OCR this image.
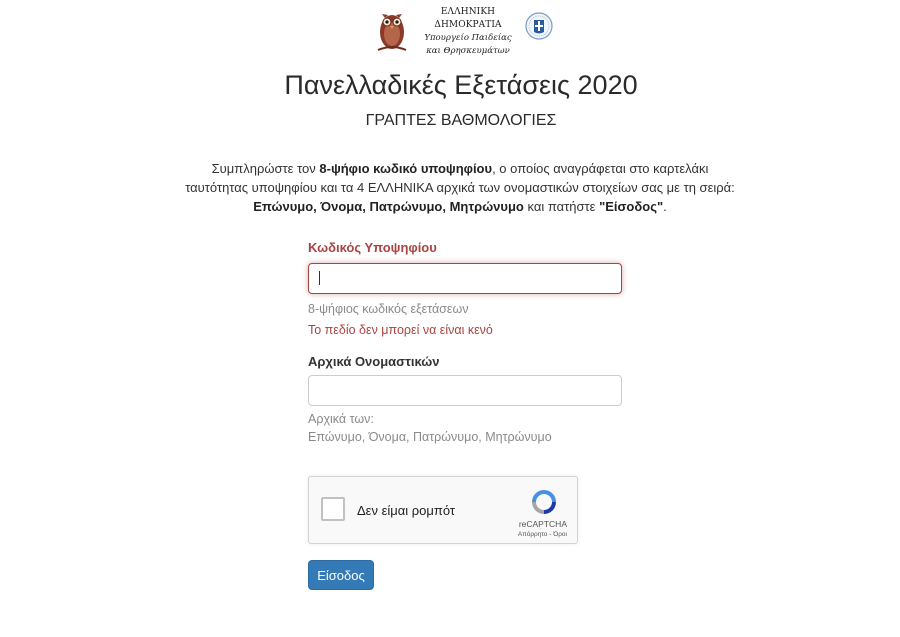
ΕΛΛΗΝΙΚΗ ΔΗΜΟΚΡΑΤΙΑ
Υπουργείο Παιδείας
και Θρησκευμάτων
Πανελλαδικές Εξετάσεις 2020
ΓΡΑΠΤΕΣ ΒΑΘΜΟΛΟΓΙΕΣ
Συμπληρώστε τον 8-ψήφιο κωδικό υποψηφίου, ο οποίος αναγράφεται στο καρτελάκι ταυτότητας υποψηφίου και τα 4 ΕΛΛΗΝΙΚΑ αρχικά των ονομαστικών στοιχείων σας με τη σειρά: Επώνυμο, Όνομα, Πατρώνυμο, Μητρώνυμο και πατήστε "Είσοδος".
Κωδικός Υποψηφίου
8-ψήφιος κωδικός εξετάσεων
Το πεδίο δεν μπορεί να είναι κενό
Αρχικά Ονομαστικών
Αρχικά των:
Επώνυμο, Όνομα, Πατρώνυμο, Μητρώνυμο
Δεν είμαι ρομπότ
reCAPTCHA
Απόρρητο - Όροι
Είσοδος
